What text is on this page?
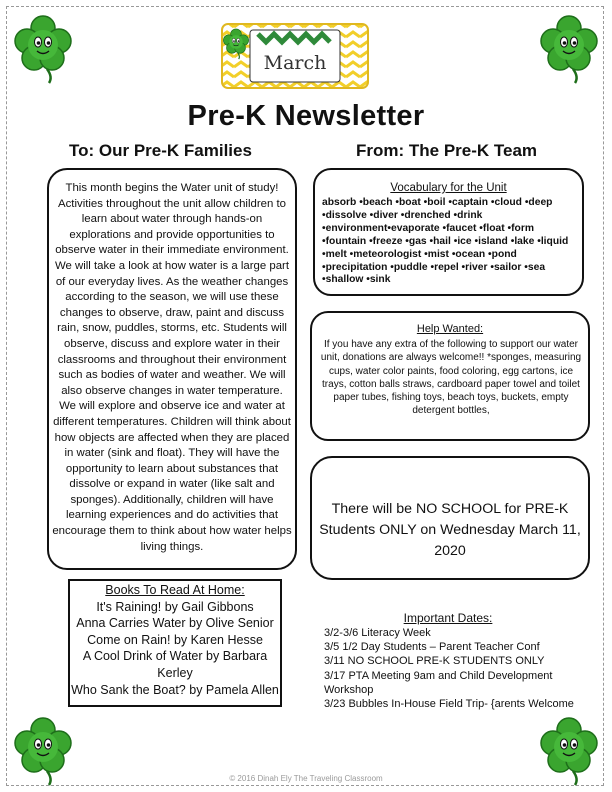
March
Pre-K Newsletter
To: Our Pre-K Families	From: The Pre-K Team
This month begins the Water unit of study! Activities throughout the unit allow children to learn about water through hands-on explorations and provide opportunities to observe water in their immediate environment. We will take a look at how water is a large part of our everyday lives. As the weather changes according to the season, we will use these changes to observe, draw, paint and discuss rain, snow, puddles, storms, etc. Students will observe, discuss and explore water in their classrooms and throughout their environment such as bodies of water and weather. We will also observe changes in water temperature. We will explore and observe ice and water at different temperatures. Children will think about how objects are affected when they are placed in water (sink and float). They will have the opportunity to learn about substances that dissolve or expand in water (like salt and sponges). Additionally, children will have learning experiences and do activities that encourage them to think about how water helps living things.
Books To Read At Home:
It's Raining! by Gail Gibbons
Anna Carries Water by Olive Senior
Come on Rain! by Karen Hesse
A Cool Drink of Water by Barbara Kerley
Who Sank the Boat? by Pamela Allen
Vocabulary for the Unit
absorb •beach •boat •boil •captain •cloud •deep •dissolve •diver •drenched •drink •environment•evaporate •faucet •float •form •fountain •freeze •gas •hail •ice •island •lake •liquid •melt •meteorologist •mist •ocean •pond •precipitation •puddle •repel •river •sailor •sea •shallow •sink
Help Wanted:
If you have any extra of the following to support our water unit, donations are always welcome!! *sponges, measuring cups, water color paints, food coloring, egg cartons, ice trays, cotton balls straws, cardboard paper towel and toilet paper tubes, fishing toys, beach toys, buckets, empty detergent bottles,
There will be NO SCHOOL for PRE-K Students ONLY on Wednesday March 11, 2020
Important Dates:
3/2-3/6 Literacy Week
3/5 1/2 Day Students – Parent Teacher Conf
3/11 NO SCHOOL PRE-K STUDENTS ONLY
3/17 PTA Meeting 9am and Child Development Workshop
3/23 Bubbles In-House Field Trip- {arents Welcome
© 2016 Dinah Ely The Traveling Classroom
